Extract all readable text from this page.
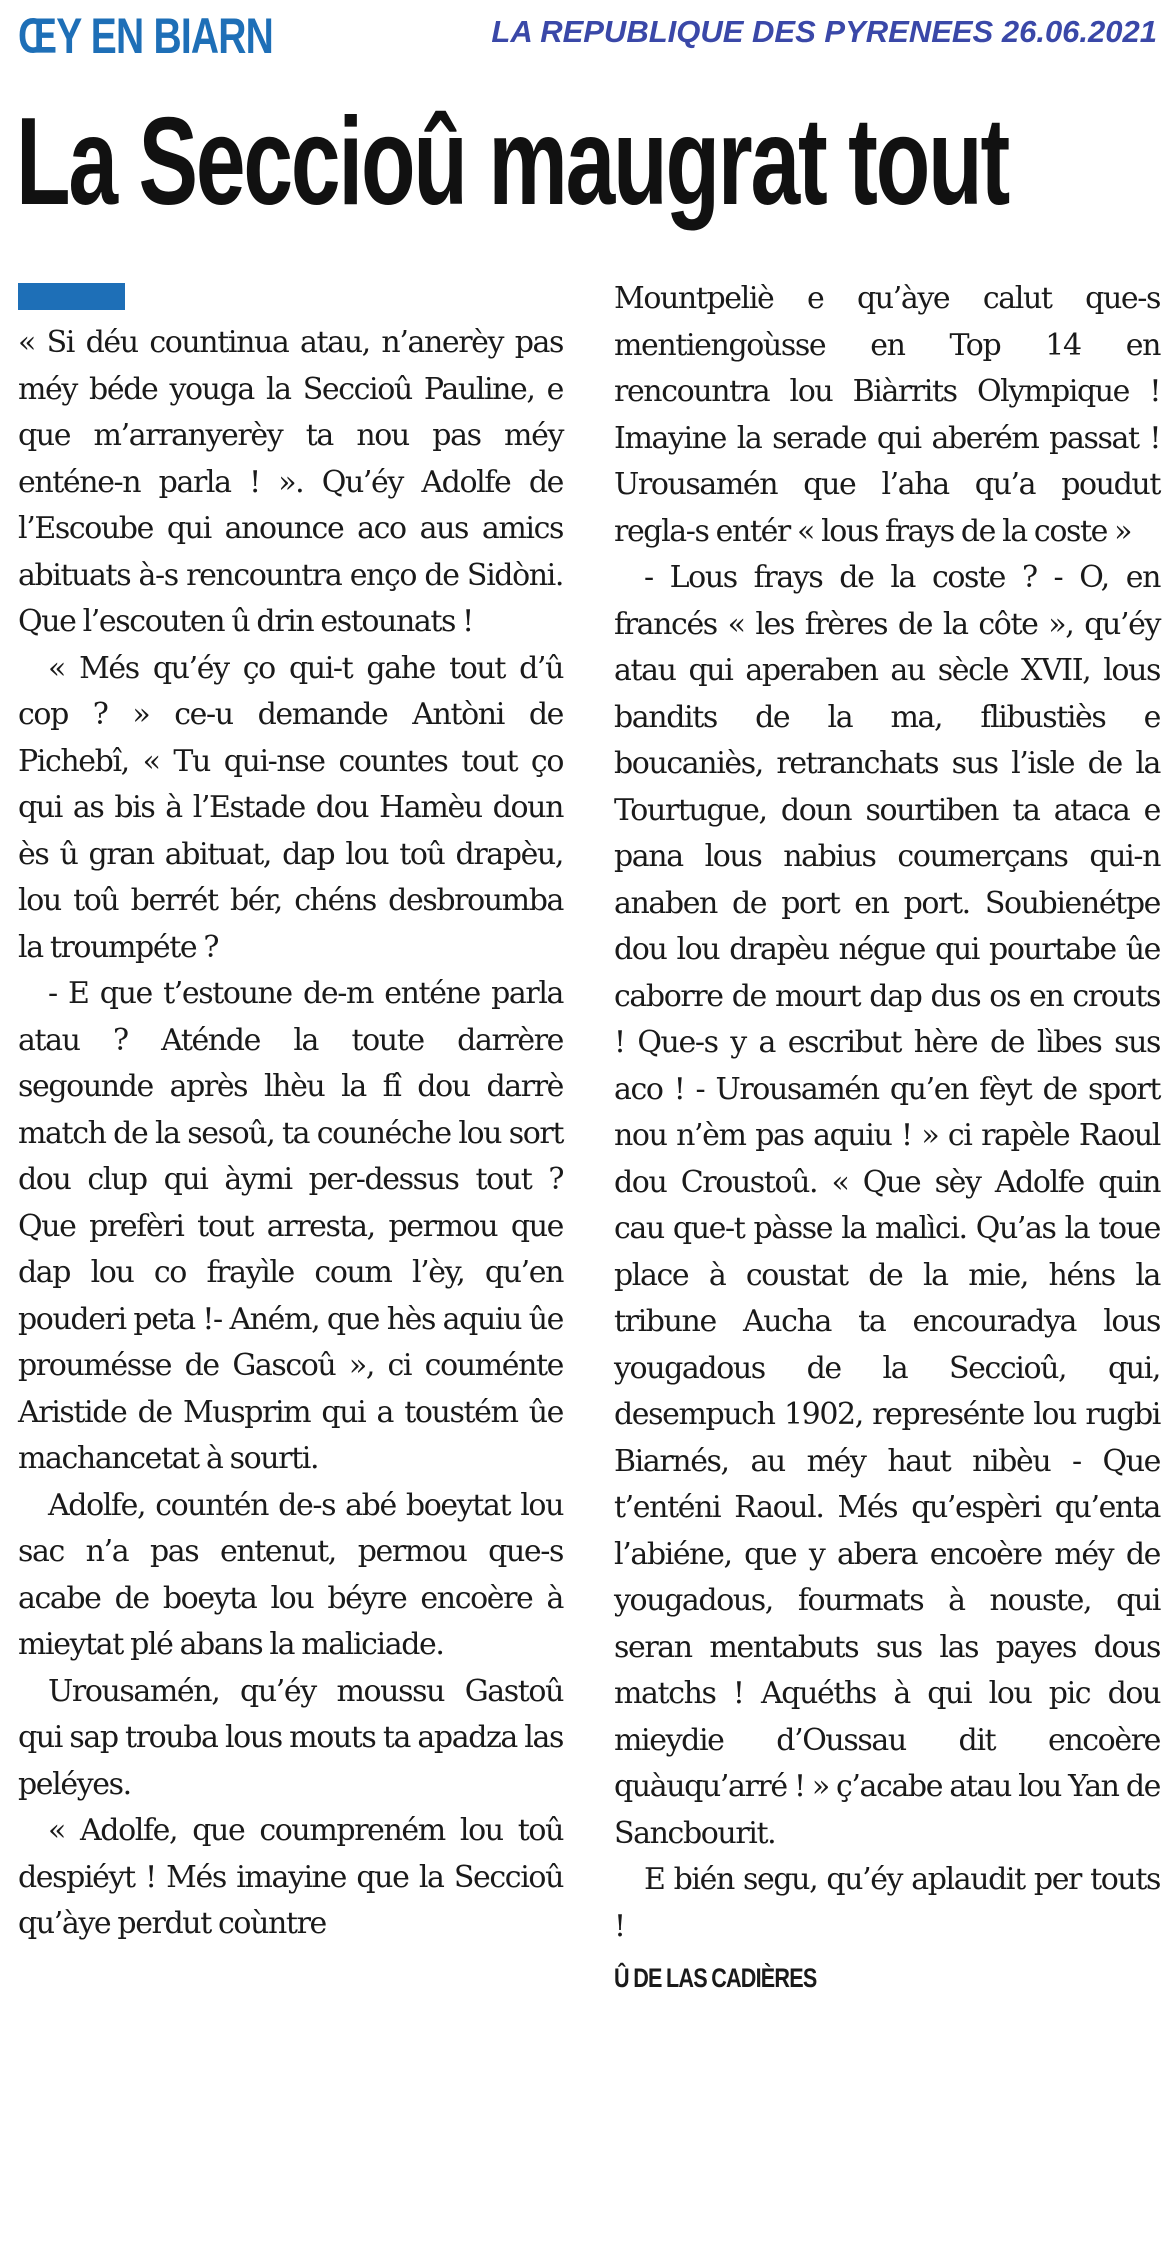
ŒY EN BIARN	LA REPUBLIQUE DES PYRENEES 26.06.2021
La Seccioû maugrat tout

« Si déu countinua atau, n’anerèy pas méy béde youga la Seccioû Pauline, e que m’arranyerèy ta nou pas méy enténe-n parla ! ». Qu’éy Adolfe de l’Escoube qui anounce aco aus amics abituats à-s rencountra enço de Sidòni. Que l’escouten û drin estounats !

« Més qu’éy ço qui-t gahe tout d’û cop ? » ce-u demande Antòni de Pichebî, « Tu qui-nse countes tout ço qui as bis à l’Estade dou Hamèu doun ès û gran abituat, dap lou toû drapèu, lou toû berrét bér, chéns desbroumba la troumpéte ?

- E que t’estoune de-m enténe parla atau ? Aténde la toute darrère segounde après lhèu la fî dou darrè match de la sesoû, ta counéche lou sort dou clup qui àymi per-dessus tout ? Que prefèri tout arresta, permou que dap lou co frayìle coum l’èy, qu’en pouderi peta !- Aném, que hès aquiu ûe proumésse de Gascoû », ci couménte Aristide de Musprim qui a toustém ûe machancetat à sourti.

Adolfe, countén de-s abé boeytat lou sac n’a pas entenut, permou que-s acabe de boeyta lou béyre encoère à mieytat plé abans la maliciade.

Urousamén, qu’éy moussu Gastoû qui sap trouba lous mouts ta apadza las peléyes.

« Adolfe, que coumpreném lou toû despiéyt ! Més imayine que la Seccioû qu’àye perdut coùntre

Mountpeliè e qu’àye calut que-s mentiengoùsse en Top 14 en rencountra lou Biàrrits Olympique ! Imayine la serade qui aberém passat ! Urousamén que l’aha qu’a poudut regla-s entér « lous frays de la coste »

- Lous frays de la coste ? - O, en francés « les frères de la côte », qu’éy atau qui aperaben au sècle XVII, lous bandits de la ma, flibustiès e boucaniès, retranchats sus l’isle de la Tourtugue, doun sourtiben ta ataca e pana lous nabius coumerçans qui-n anaben de port en port. Soubienétpe dou lou drapèu négue qui pourtabe ûe caborre de mourt dap dus os en crouts ! Que-s y a escribut hère de lìbes sus aco ! - Urousamén qu’en fèyt de sport nou n’èm pas aquiu ! » ci rapèle Raoul dou Croustoû. « Que sèy Adolfe quin cau que-t pàsse la malìci. Qu’as la toue place à coustat de la mie, héns la tribune Aucha ta encouradya lous yougadous de la Seccioû, qui, desempuch 1902, represénte lou rugbi Biarnés, au méy haut nibèu - Que t’enténi Raoul. Més qu’espèri qu’enta l’abiéne, que y abera encoère méy de yougadous, fourmats à nouste, qui seran mentabuts sus las payes dous matchs ! Aquéths à qui lou pic dou mieydie d’Oussau dit encoère quàuqu’arré ! » ç’acabe atau lou Yan de Sancbourit.

E bién segu, qu’éy aplaudit per touts !

Û DE LAS CADIÈRES
